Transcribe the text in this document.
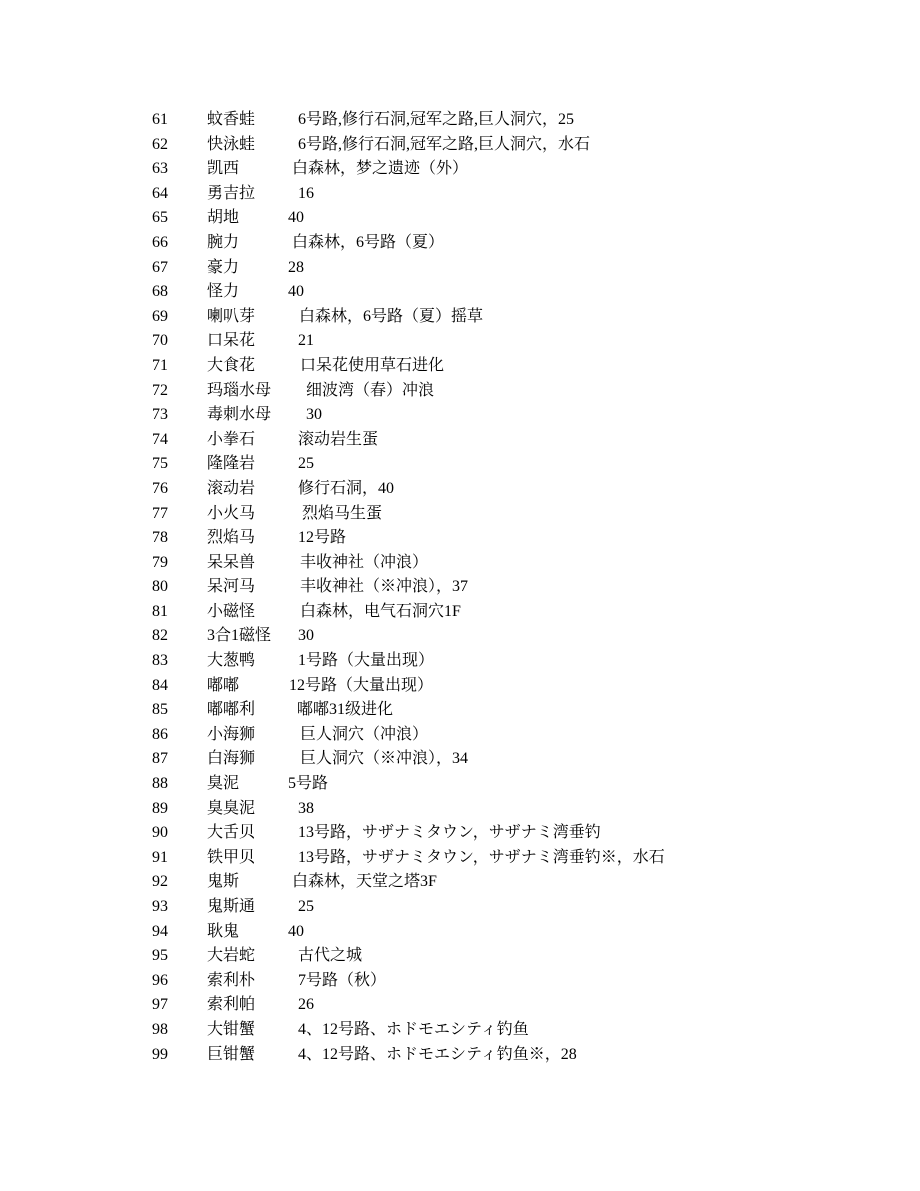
61	蚊香蛙	6号路,修行石洞,冠军之路,巨人洞穴，25
62	快泳蛙	6号路,修行石洞,冠军之路,巨人洞穴，水石
63	凯西	白森林，梦之遗迹（外）
64	勇吉拉	16
65	胡地	40
66	腕力	白森林，6号路（夏）
67	豪力	28
68	怪力	40
69	喇叭芽	白森林，6号路（夏）摇草
70	口呆花	21
71	大食花	口呆花使用草石进化
72	玛瑙水母 细波湾（春）冲浪
73	毒刺水母 30
74	小拳石	滚动岩生蛋
75	隆隆岩	25
76	滚动岩	修行石洞，40
77	小火马	烈焰马生蛋
78	烈焰马	12号路
79	呆呆兽	丰收神社（冲浪）
80	呆河马	丰收神社（※冲浪），37
81	小磁怪	白森林，电气石洞穴1F
82	3合1磁怪 30
83	大葱鸭	1号路（大量出现）
84	嘟嘟	12号路（大量出现）
85	嘟嘟利	嘟嘟31级进化
86	小海狮	巨人洞穴（冲浪）
87	白海狮	巨人洞穴（※冲浪），34
88	臭泥	5号路
89	臭臭泥	38
90	大舌贝	13号路，サザナミタウン，サザナミ湾垂钓
91	铁甲贝	13号路，サザナミタウン，サザナミ湾垂钓※，水石
92	鬼斯	白森林，天堂之塔3F
93	鬼斯通	25
94	耿鬼	40
95	大岩蛇	古代之城
96	索利朴	7号路（秋）
97	索利帕	26
98	大钳蟹	4、12号路、ホドモエシティ钓鱼
99	巨钳蟹	4、12号路、ホドモエシティ钓鱼※，28
